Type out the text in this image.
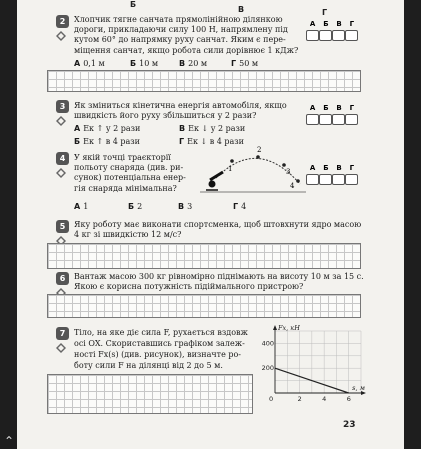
Б
В	Г
2	Хлопчик тягне санчата прямолінійною ділянкою
дороги, прикладаючи силу 100 Н, напрямлену під
кутом 60° до напрямку руху санчат. Яким є пере-
міщення санчат, якщо робота сили дорівнює 1 кДж?
А Б В Г
А 0,1 м	Б 10 м	В 20 м	Г 50 м
3	Як зміниться кінетична енергія автомобіля, якщо
швидкість його руху збільшиться у 2 рази?
А Б В Г
А Eк ↑ у 2 рази	В Eк ↓ у 2 рази
Б Eк ↑ в 4 рази	Г Eк ↓ в 4 рази
4	У якій точці траєкторії
польоту снаряда (див. ри-
сунок) потенціальна енер-
гія снаряда мінімальна?
1
2
3
4
А Б В Г
А 1	Б 2	В 3	Г 4
5	Яку роботу має виконати спортсменка, щоб штовхнути ядро масою
4 кг зі швидкістю 12 м/с?
6	Вантаж масою 300 кг рівномірно піднімають на висоту 10 м за 15 с.
Якою є корисна потужність підіймального пристрою?
7	Тіло, на яке діє сила F, рухається вздовж
осі OX. Скориставшись графіком залеж-
ності Fx(s) (див. рисунок), визначте ро-
боту сили F на ділянці від 2 до 5 м.
0	2	4	6
200
400
s, м
Fx, кН
23
⌃
